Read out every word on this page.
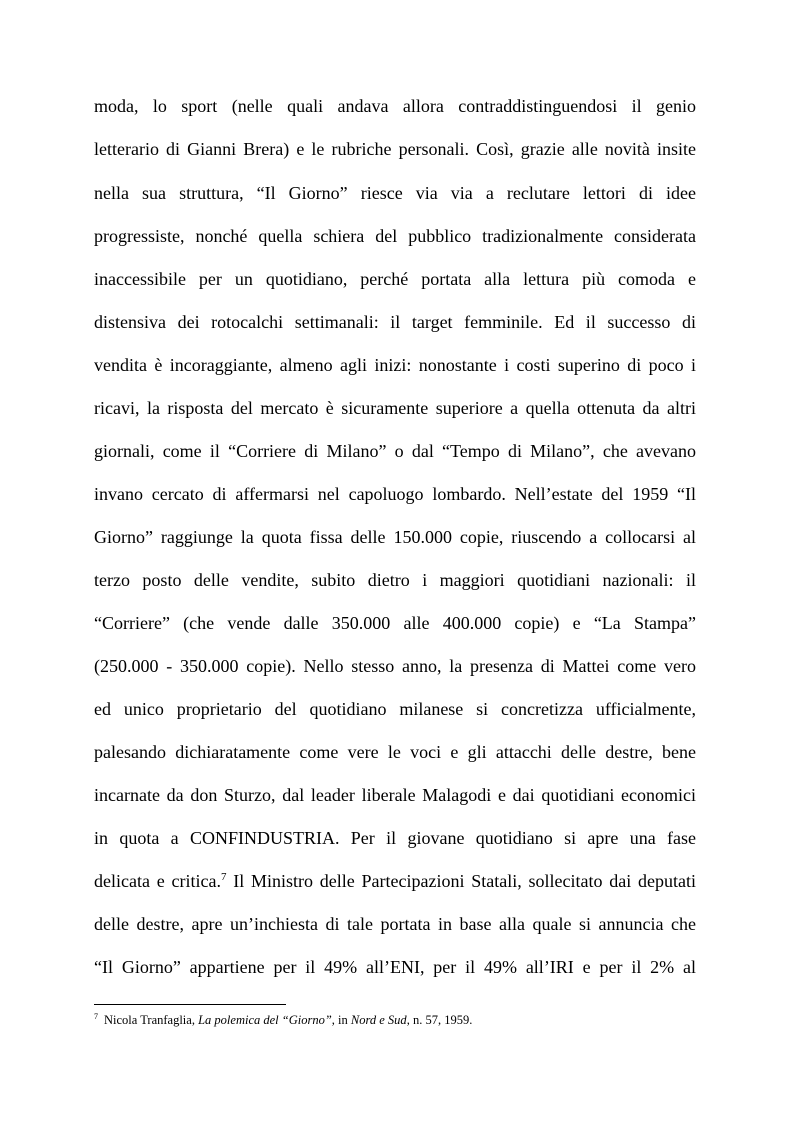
moda, lo sport (nelle quali andava allora contraddistinguendosi il genio
letterario di Gianni Brera) e le rubriche personali. Così, grazie alle novità insite
nella sua struttura, “Il Giorno” riesce via via a reclutare lettori di idee
progressiste, nonché quella schiera del pubblico tradizionalmente considerata
inaccessibile per un quotidiano, perché portata alla lettura più comoda e
distensiva dei rotocalchi settimanali: il target femminile. Ed il successo di
vendita è incoraggiante, almeno agli inizi: nonostante i costi superino di poco i
ricavi, la risposta del mercato è sicuramente superiore a quella ottenuta da altri
giornali, come il “Corriere di Milano” o dal “Tempo di Milano”, che avevano
invano cercato di affermarsi nel capoluogo lombardo. Nell’estate del 1959 “Il
Giorno” raggiunge la quota fissa delle 150.000 copie, riuscendo a collocarsi al
terzo posto delle vendite, subito dietro i maggiori quotidiani nazionali: il
“Corriere” (che vende dalle 350.000 alle 400.000 copie) e “La Stampa”
(250.000 - 350.000 copie). Nello stesso anno, la presenza di Mattei come vero
ed unico proprietario del quotidiano milanese si concretizza ufficialmente,
palesando dichiaratamente come vere le voci e gli attacchi delle destre, bene
incarnate da don Sturzo, dal leader liberale Malagodi e dai quotidiani economici
in quota a CONFINDUSTRIA. Per il giovane quotidiano si apre una fase
delicata e critica.$^7$ Il Ministro delle Partecipazioni Statali, sollecitato dai deputati
delle destre, apre un’inchiesta di tale portata in base alla quale si annuncia che
“Il Giorno” appartiene per il 49% all’ENI, per il 49% all’IRI e per il 2% al
$^7$ Nicola Tranfaglia, La polemica del “Giorno”, in Nord e Sud, n. 57, 1959.
